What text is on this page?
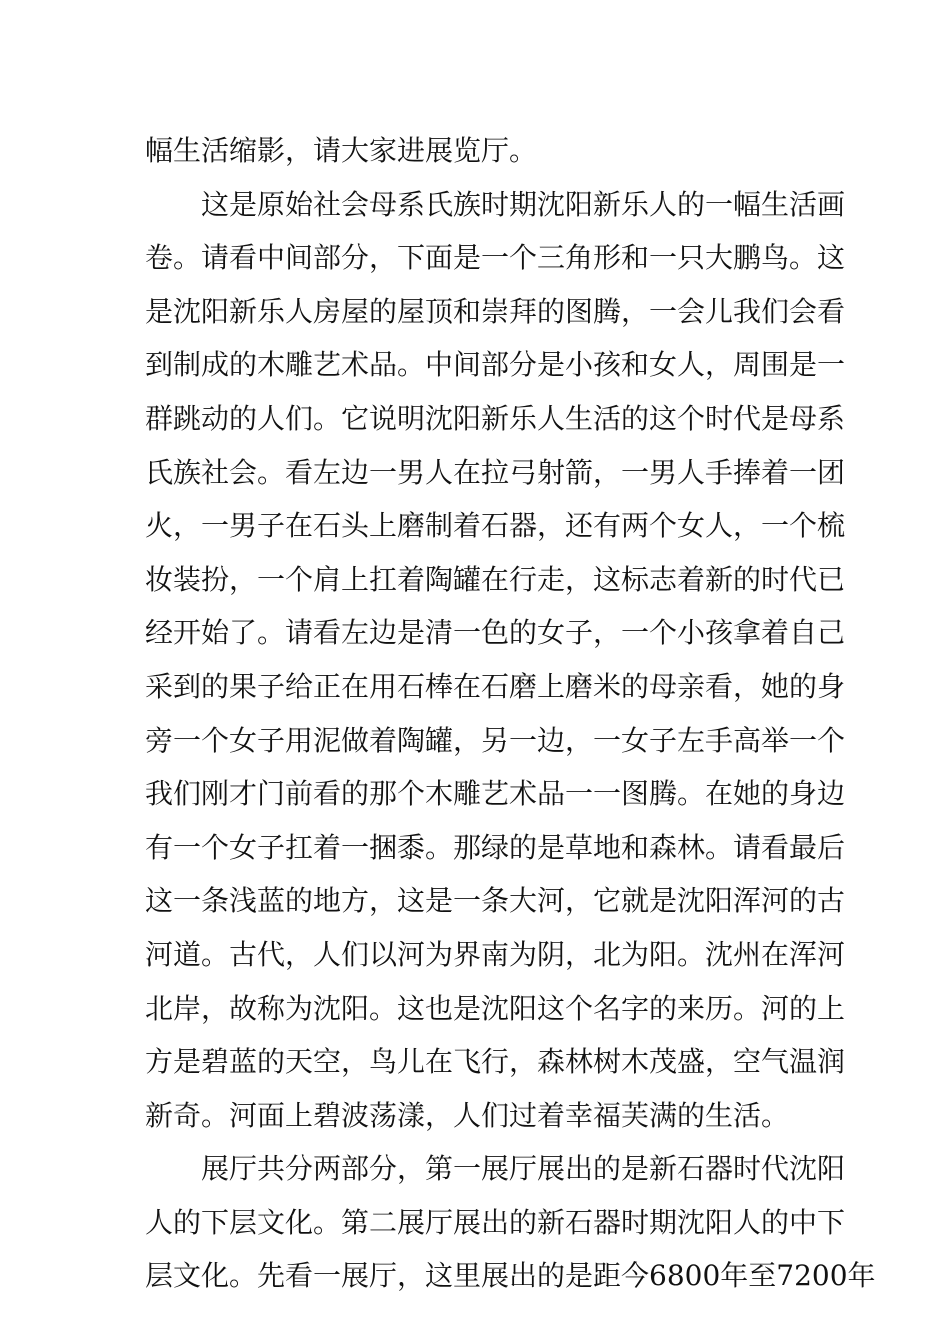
幅生活缩影，请大家进展览厅。
这是原始社会母系氏族时期沈阳新乐人的一幅生活画
卷。请看中间部分，下面是一个三角形和一只大鹏鸟。这
是沈阳新乐人房屋的屋顶和崇拜的图腾，一会儿我们会看
到制成的木雕艺术品。中间部分是小孩和女人，周围是一
群跳动的人们。它说明沈阳新乐人生活的这个时代是母系
氏族社会。看左边一男人在拉弓射箭，一男人手捧着一团
火，一男子在石头上磨制着石器，还有两个女人，一个梳
妆装扮，一个肩上扛着陶罐在行走，这标志着新的时代已
经开始了。请看左边是清一色的女子，一个小孩拿着自己
采到的果子给正在用石棒在石磨上磨米的母亲看，她的身
旁一个女子用泥做着陶罐，另一边，一女子左手高举一个
我们刚才门前看的那个木雕艺术品一一图腾。在她的身边
有一个女子扛着一捆黍。那绿的是草地和森林。请看最后
这一条浅蓝的地方，这是一条大河，它就是沈阳浑河的古
河道。古代，人们以河为界南为阴，北为阳。沈州在浑河
北岸，故称为沈阳。这也是沈阳这个名字的来历。河的上
方是碧蓝的天空，鸟儿在飞行，森林树木茂盛，空气温润
新奇。河面上碧波荡漾，人们过着幸福芙满的生活。
展厅共分两部分，第一展厅展出的是新石器时代沈阳
人的下层文化。第二展厅展出的新石器时期沈阳人的中下
层文化。先看一展厅，这里展出的是距今6800年至7200年
